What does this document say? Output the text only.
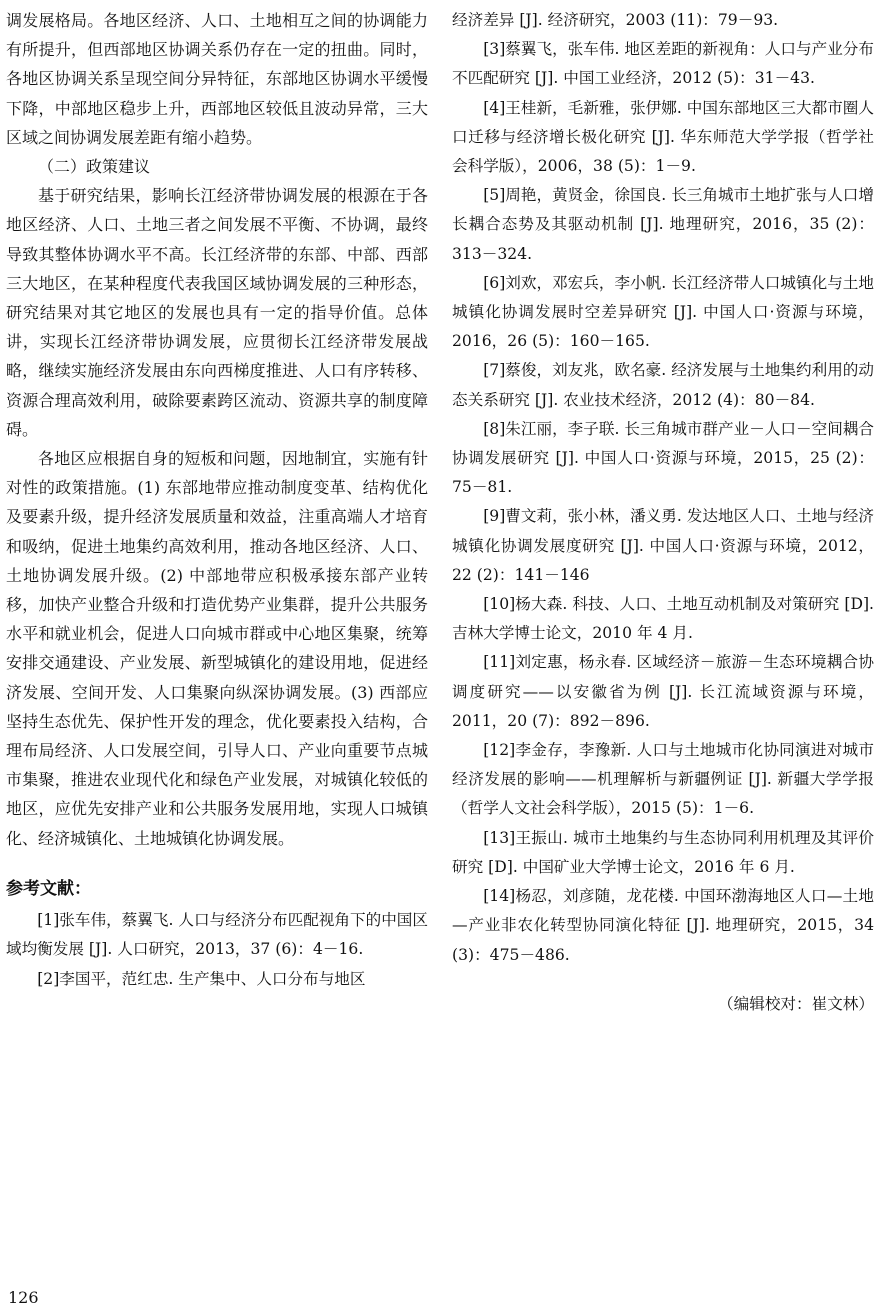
调发展格局。各地区经济、人口、土地相互之间的协调能力有所提升，但西部地区协调关系仍存在一定的扭曲。同时，各地区协调关系呈现空间分异特征，东部地区协调水平缓慢下降，中部地区稳步上升，西部地区较低且波动异常，三大区域之间协调发展差距有缩小趋势。

（二）政策建议

基于研究结果，影响长江经济带协调发展的根源在于各地区经济、人口、土地三者之间发展不平衡、不协调，最终导致其整体协调水平不高。长江经济带的东部、中部、西部三大地区，在某种程度代表我国区域协调发展的三种形态，研究结果对其它地区的发展也具有一定的指导价值。总体讲，实现长江经济带协调发展，应贯彻长江经济带发展战略，继续实施经济发展由东向西梯度推进、人口有序转移、资源合理高效利用，破除要素跨区流动、资源共享的制度障碍。

各地区应根据自身的短板和问题，因地制宜，实施有针对性的政策措施。(1) 东部地带应推动制度变革、结构优化及要素升级，提升经济发展质量和效益，注重高端人才培育和吸纳，促进土地集约高效利用，推动各地区经济、人口、土地协调发展升级。(2) 中部地带应积极承接东部产业转移，加快产业整合升级和打造优势产业集群，提升公共服务水平和就业机会，促进人口向城市群或中心地区集聚，统筹安排交通建设、产业发展、新型城镇化的建设用地，促进经济发展、空间开发、人口集聚向纵深协调发展。(3) 西部应坚持生态优先、保护性开发的理念，优化要素投入结构，合理布局经济、人口发展空间，引导人口、产业向重要节点城市集聚，推进农业现代化和绿色产业发展，对城镇化较低的地区，应优先安排产业和公共服务发展用地，实现人口城镇化、经济城镇化、土地城镇化协调发展。

参考文献：

[1]张车伟，蔡翼飞. 人口与经济分布匹配视角下的中国区域均衡发展 [J]. 人口研究，2013，37 (6)：4－16.

[2]李国平，范红忠. 生产集中、人口分布与地区

经济差异 [J]. 经济研究，2003 (11)：79－93.

[3]蔡翼飞，张车伟. 地区差距的新视角：人口与产业分布不匹配研究 [J]. 中国工业经济，2012 (5)：31－43.

[4]王桂新，毛新雅，张伊娜. 中国东部地区三大都市圈人口迁移与经济增长极化研究 [J]. 华东师范大学学报（哲学社会科学版），2006，38 (5)：1－9.

[5]周艳，黄贤金，徐国良. 长三角城市土地扩张与人口增长耦合态势及其驱动机制 [J]. 地理研究，2016，35 (2)：313－324.

[6]刘欢，邓宏兵，李小帆. 长江经济带人口城镇化与土地城镇化协调发展时空差异研究 [J]. 中国人口·资源与环境，2016，26 (5)：160－165.

[7]蔡俊，刘友兆，欧名豪. 经济发展与土地集约利用的动态关系研究 [J]. 农业技术经济，2012 (4)：80－84.

[8]朱江丽，李子联. 长三角城市群产业－人口－空间耦合协调发展研究 [J]. 中国人口·资源与环境，2015，25 (2)：75－81.

[9]曹文莉，张小林，潘义勇. 发达地区人口、土地与经济城镇化协调发展度研究 [J]. 中国人口·资源与环境，2012，22 (2)：141－146

[10]杨大森. 科技、人口、土地互动机制及对策研究 [D]. 吉林大学博士论文，2010 年 4 月.

[11]刘定惠，杨永春. 区域经济－旅游－生态环境耦合协调度研究——以安徽省为例 [J]. 长江流域资源与环境，2011，20 (7)：892－896.

[12]李金存，李豫新. 人口与土地城市化协同演进对城市经济发展的影响——机理解析与新疆例证 [J]. 新疆大学学报（哲学人文社会科学版），2015 (5)：1－6.

[13]王振山. 城市土地集约与生态协同利用机理及其评价研究 [D]. 中国矿业大学博士论文，2016 年 6 月.

[14]杨忍，刘彦随，龙花楼. 中国环渤海地区人口—土地—产业非农化转型协同演化特征 [J]. 地理研究，2015，34 (3)：475－486.

（编辑校对：崔文林）

126
